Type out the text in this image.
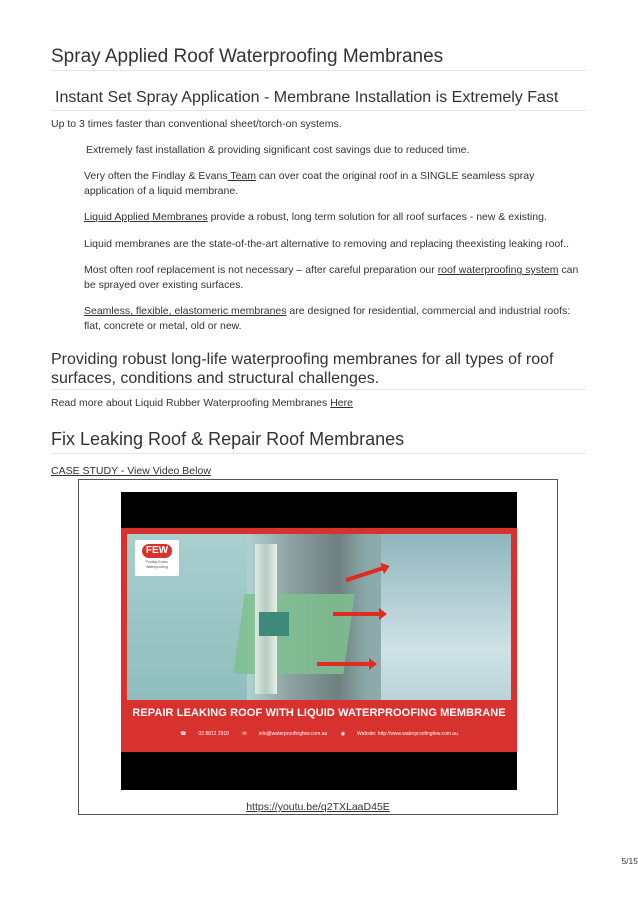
Spray Applied Roof Waterproofing Membranes
Instant Set Spray Application - Membrane Installation is Extremely Fast

Up to 3 times faster than conventional sheet/torch-on systems.

Extremely fast installation & providing significant cost savings due to reduced time.

Very often the Findlay & Evans Team can over coat the original roof in a SINGLE seamless spray application of a liquid membrane.

Liquid Applied Membranes provide a robust, long term solution for all roof surfaces - new & existing.

Liquid membranes are the state-of-the-art alternative to removing and replacing theexisting leaking roof..

Most often roof replacement is not necessary – after careful preparation our roof waterproofing system can be sprayed over existing surfaces.

Seamless, flexible, elastomeric membranes are designed for residential, commercial and industrial roofs: flat, concrete or metal, old or new.

Providing robust long-life waterproofing membranes for all types of roof surfaces, conditions and structural challenges.

Read more about Liquid Rubber Waterproofing Membranes Here

Fix Leaking Roof & Repair Roof Membranes

CASE STUDY - View Video Below

FEW
Findlay Evans Waterproofing
REPAIR LEAKING ROOF WITH LIQUID WATERPROOFING MEMBRANE
☎ 03 8812 2918	✉ info@waterproofingfew.com.au	◉ Website: http://www.waterproofingfew.com.au
https://youtu.be/q2TXLaaD45E
5/15
